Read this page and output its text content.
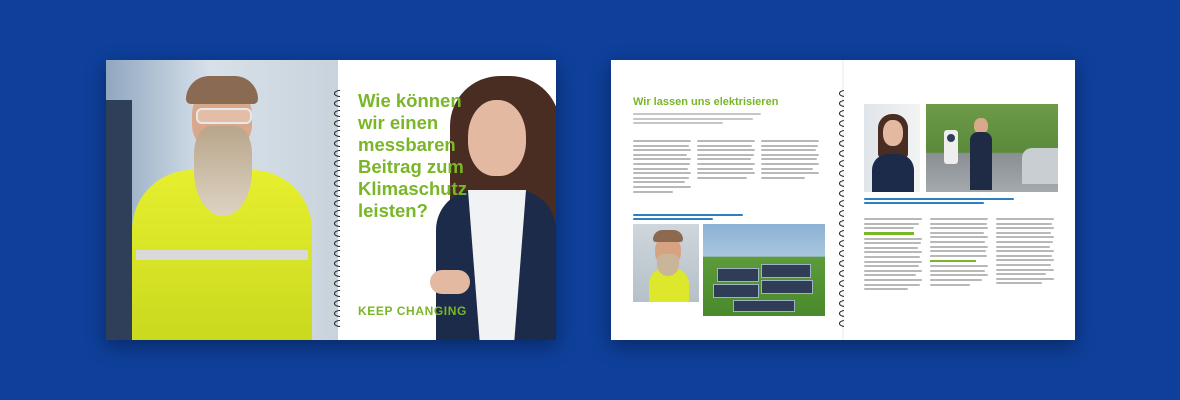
Wie können wir einen messbaren Beitrag zum Klimaschutz leisten?
KEEP CHANGING
Wir lassen uns elektrisieren
